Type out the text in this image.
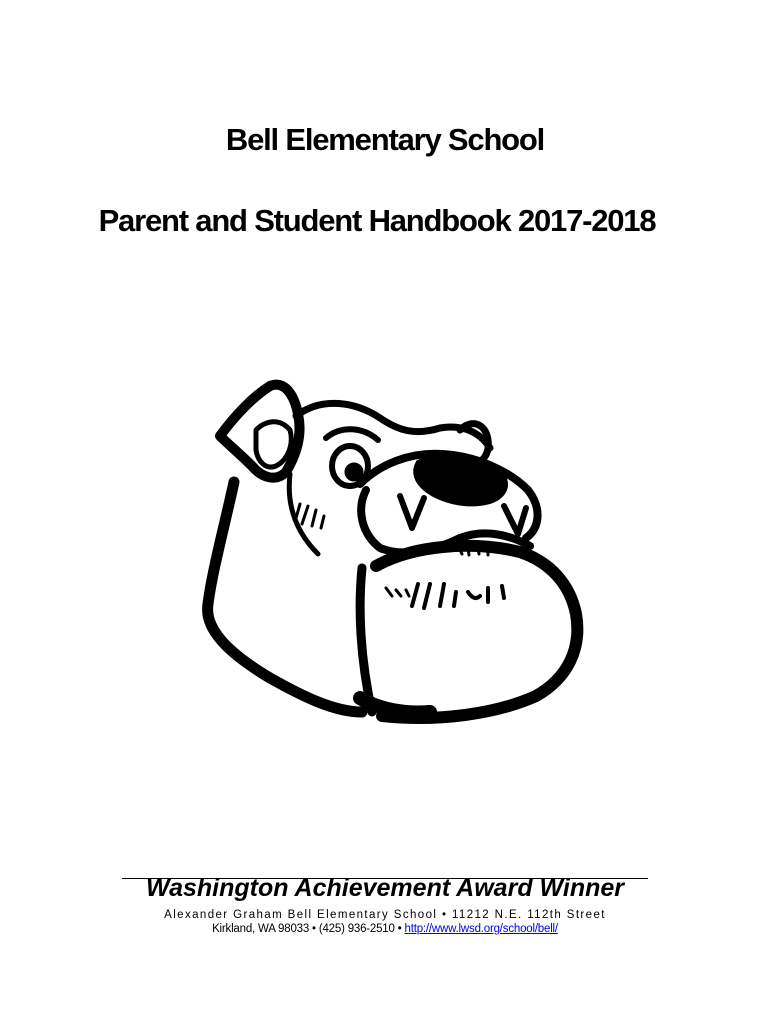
Bell Elementary School
Parent and Student Handbook 2017-2018
Washington Achievement Award Winner
Alexander Graham Bell Elementary School • 11212 N.E. 112th Street
Kirkland, WA 98033 • (425) 936-2510 • http://www.lwsd.org/school/bell/
